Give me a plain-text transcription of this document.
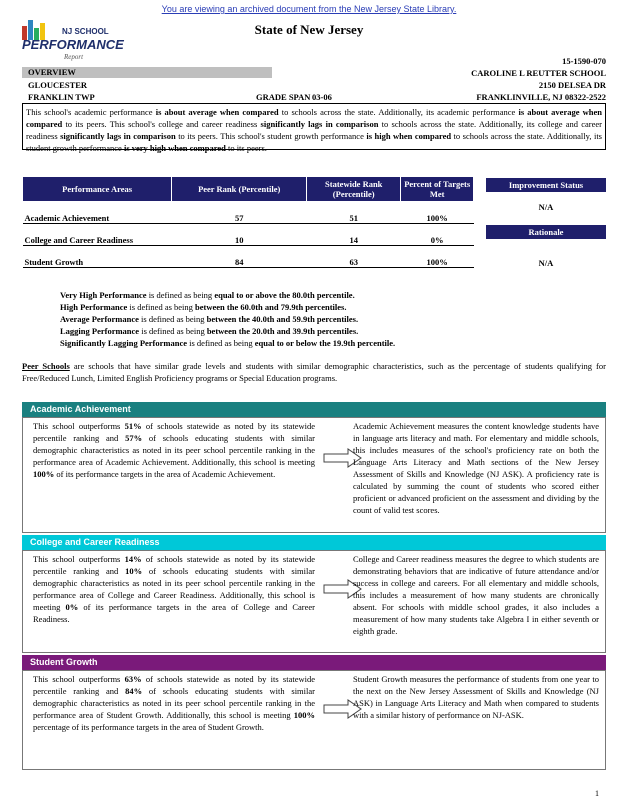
You are viewing an archived document from the New Jersey State Library.
State of New Jersey
NJ SCHOOL
PERFORMANCE
Report
OVERVIEW
GLOUCESTER
FRANKLIN TWP	GRADE SPAN 03-06
15-1590-070
CAROLINE L REUTTER SCHOOL
2150 DELSEA DR
FRANKLINVILLE, NJ 08322-2522
This school's academic performance is about average when compared to schools across the state. Additionally, its academic performance is about average when compared to its peers. This school's college and career readiness significantly lags in comparison to schools across the state. Additionally, its college and career readiness significantly lags in comparison to its peers. This school's student growth performance is high when compared to schools across the state. Additionally, its student growth performance is very high when compared to its peers.
Performance Areas	Peer Rank (Percentile)	Statewide Rank (Percentile)	Percent of Targets Met
Academic Achievement	57	51	100%
College and Career Readiness	10	14	0%
Student Growth	84	63	100%
Improvement Status
N/A
Rationale
N/A
Very High Performance is defined as being equal to or above the 80.0th percentile.
High Performance is defined as being between the 60.0th and 79.9th percentiles.
Average Performance is defined as being between the 40.0th and 59.9th percentiles.
Lagging Performance is defined as being between the 20.0th and 39.9th percentiles.
Significantly Lagging Performance is defined as being equal to or below the 19.9th percentile.
Peer Schools are schools that have similar grade levels and students with similar demographic characteristics, such as the percentage of students qualifying for Free/Reduced Lunch, Limited English Proficiency programs or Special Education programs.
Academic Achievement
This school outperforms 51% of schools statewide as noted by its statewide percentile ranking and 57% of schools educating students with similar demographic characteristics as noted in its peer school percentile ranking in the performance area of Academic Achievement. Additionally, this school is meeting 100% of its performance targets in the area of Academic Achievement.
Academic Achievement measures the content knowledge students have in language arts literacy and math. For elementary and middle schools, this includes measures of the school's proficiency rate on both the Language Arts Literacy and Math sections of the New Jersey Assessment of Skills and Knowledge (NJ ASK). A proficiency rate is calculated by summing the count of students who scored either proficient or advanced proficient on the assessment and dividing by the count of valid test scores.
College and Career Readiness
This school outperforms 14% of schools statewide as noted by its statewide percentile ranking and 10% of schools educating students with similar demographic characteristics as noted in its peer school percentile ranking in the performance area of College and Career Readiness. Additionally, this school is meeting 0% of its performance targets in the area of College and Career Readiness.
College and Career readiness measures the degree to which students are demonstrating behaviors that are indicative of future attendance and/or success in college and careers. For all elementary and middle schools, this includes a measurement of how many students are chronically absent. For schools with middle school grades, it also includes a measurement of how many students take Algebra I in either seventh or eighth grade.
Student Growth
This school outperforms 63% of schools statewide as noted by its statewide percentile ranking and 84% of schools educating students with similar demographic characteristics as noted in its peer school percentile ranking in the performance area of Student Growth. Additionally, this school is meeting 100% percentage of its performance targets in the area of Student Growth.
Student Growth measures the performance of students from one year to the next on the New Jersey Assessment of Skills and Knowledge (NJ ASK) in Language Arts Literacy and Math when compared to students with a similar history of performance on NJ-ASK.
1
